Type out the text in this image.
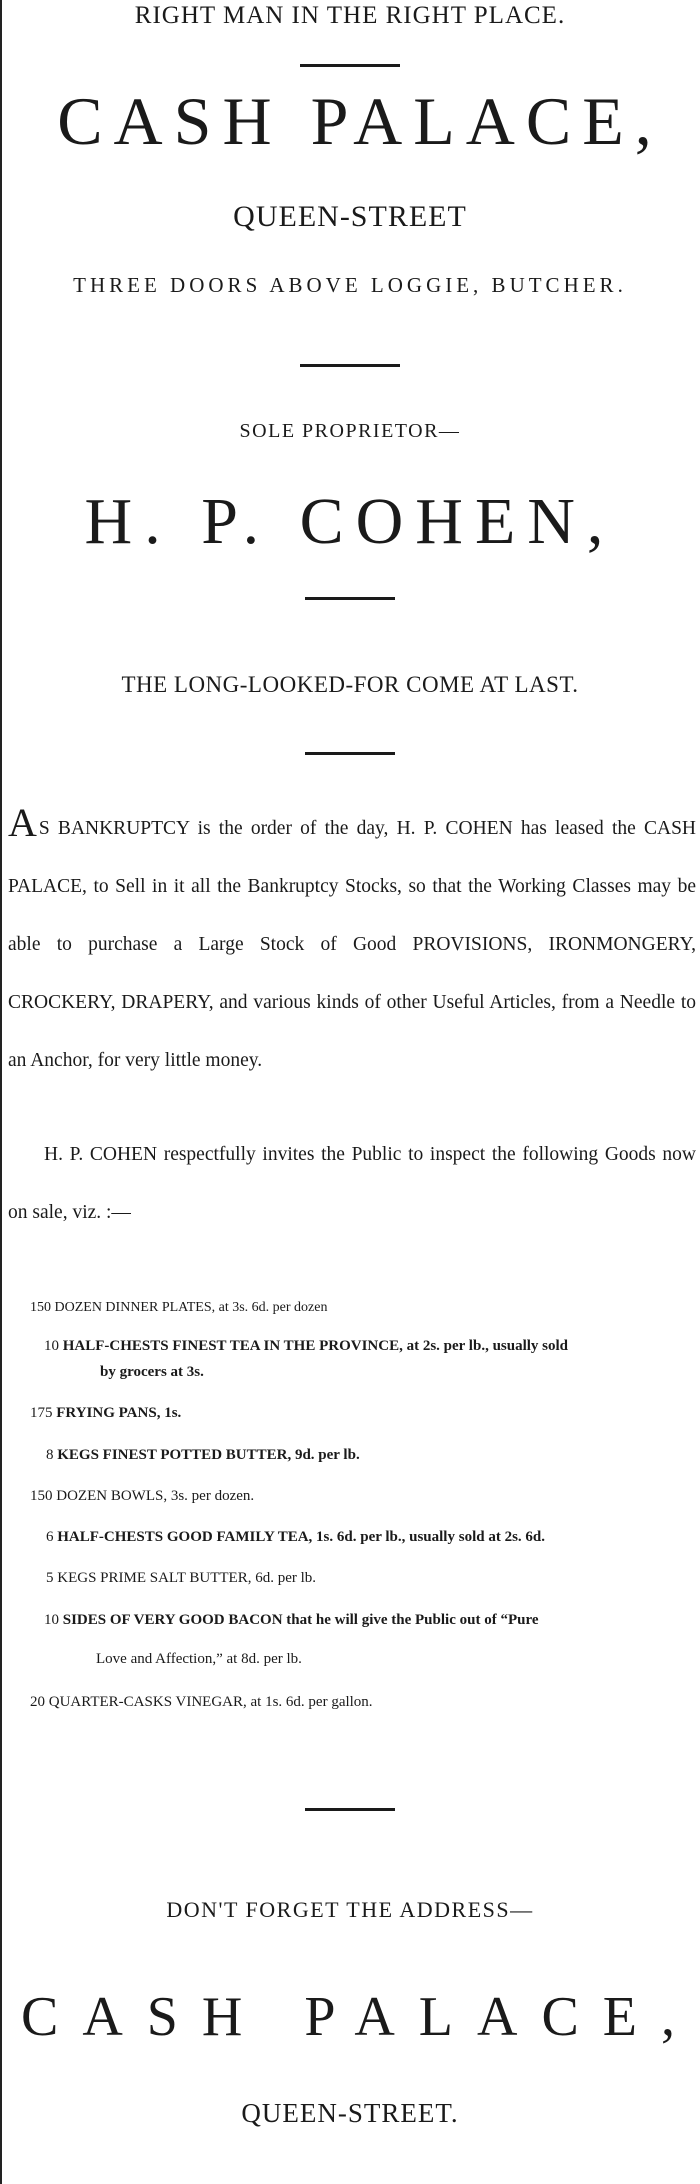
RIGHT MAN IN THE RIGHT PLACE.
CASH PALACE,
QUEEN-STREET
THREE DOORS ABOVE LOGGIE, BUTCHER.
SOLE PROPRIETOR—
H. P. COHEN,
THE LONG-LOOKED-FOR COME AT LAST.
A S BANKRUPTCY is the order of the day, H. P. COHEN has leased the CASH PALACE, to Sell in it all the Bankruptcy Stocks, so that the Working Classes may be able to purchase a Large Stock of Good PROVISIONS, IRONMONGERY, CROCKERY, DRAPERY, and various kinds of other Useful Articles, from a Needle to an Anchor, for very little money.
H. P. COHEN respectfully invites the Public to inspect the following Goods now on sale, viz. :—
150 DOZEN DINNER PLATES, at 3s. 6d. per dozen
10 HALF-CHESTS FINEST TEA IN THE PROVINCE, at 2s. per lb., usually sold
by grocers at 3s.
175 FRYING PANS, 1s.
8 KEGS FINEST POTTED BUTTER, 9d. per lb.
150 DOZEN BOWLS, 3s. per dozen.
6 HALF-CHESTS GOOD FAMILY TEA, 1s. 6d. per lb., usually sold at 2s. 6d.
5 KEGS PRIME SALT BUTTER, 6d. per lb.
10 SIDES OF VERY GOOD BACON that he will give the Public out of “Pure
Love and Affection,” at 8d. per lb.
20 QUARTER-CASKS VINEGAR, at 1s. 6d. per gallon.
DON'T FORGET THE ADDRESS—
CASH PALACE,
QUEEN-STREET.
